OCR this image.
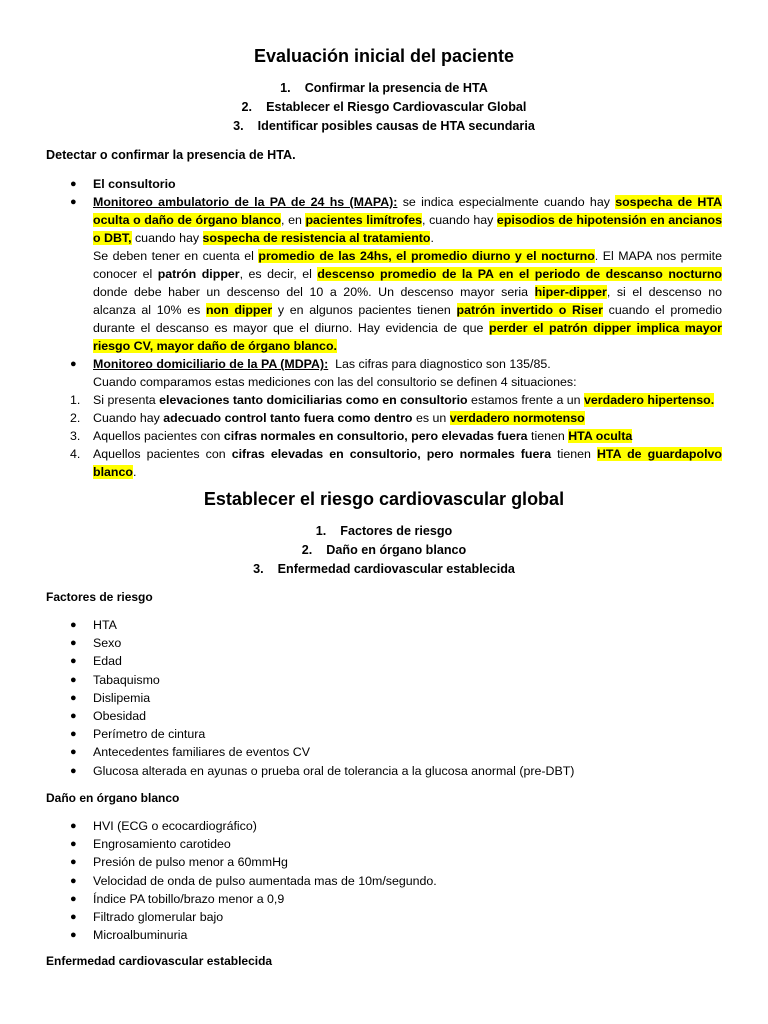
Evaluación inicial del paciente
1. Confirmar la presencia de HTA
2. Establecer el Riesgo Cardiovascular Global
3. Identificar posibles causas de HTA secundaria
Detectar o confirmar la presencia de HTA.
● El consultorio
● Monitoreo ambulatorio de la PA de 24 hs (MAPA): se indica especialmente cuando hay sospecha de HTA
oculta o daño de órgano blanco, en pacientes limítrofes, cuando hay episodios de hipotensión en ancianos
o DBT, cuando hay sospecha de resistencia al tratamiento.
Se deben tener en cuenta el promedio de las 24hs, el promedio diurno y el nocturno. El MAPA nos permite
conocer el patrón dipper, es decir, el descenso promedio de la PA en el periodo de descanso nocturno
donde debe haber un descenso del 10 a 20%. Un descenso mayor seria hiper-dipper, si el descenso no
alcanza al 10% es non dipper y en algunos pacientes tienen patrón invertido o Riser cuando el promedio
durante el descanso es mayor que el diurno. Hay evidencia de que perder el patrón dipper implica mayor
riesgo CV, mayor daño de órgano blanco.
● Monitoreo domiciliario de la PA (MDPA):  Las cifras para diagnostico son 135/85.
Cuando comparamos estas mediciones con las del consultorio se definen 4 situaciones:
1. Si presenta elevaciones tanto domiciliarias como en consultorio estamos frente a un verdadero hipertenso.
2. Cuando hay adecuado control tanto fuera como dentro es un verdadero normotenso
3. Aquellos pacientes con cifras normales en consultorio, pero elevadas fuera tienen HTA oculta
4. Aquellos pacientes con cifras elevadas en consultorio, pero normales fuera tienen HTA de guardapolvo
blanco.
Establecer el riesgo cardiovascular global
1. Factores de riesgo
2. Daño en órgano blanco
3. Enfermedad cardiovascular establecida
Factores de riesgo
● HTA
● Sexo
● Edad
● Tabaquismo
● Dislipemia
● Obesidad
● Perímetro de cintura
● Antecedentes familiares de eventos CV
● Glucosa alterada en ayunas o prueba oral de tolerancia a la glucosa anormal (pre-DBT)
Daño en órgano blanco
● HVI (ECG o ecocardiográfico)
● Engrosamiento carotideo
● Presión de pulso menor a 60mmHg
● Velocidad de onda de pulso aumentada mas de 10m/segundo.
● Índice PA tobillo/brazo menor a 0,9
● Filtrado glomerular bajo
● Microalbuminuria
Enfermedad cardiovascular establecida
